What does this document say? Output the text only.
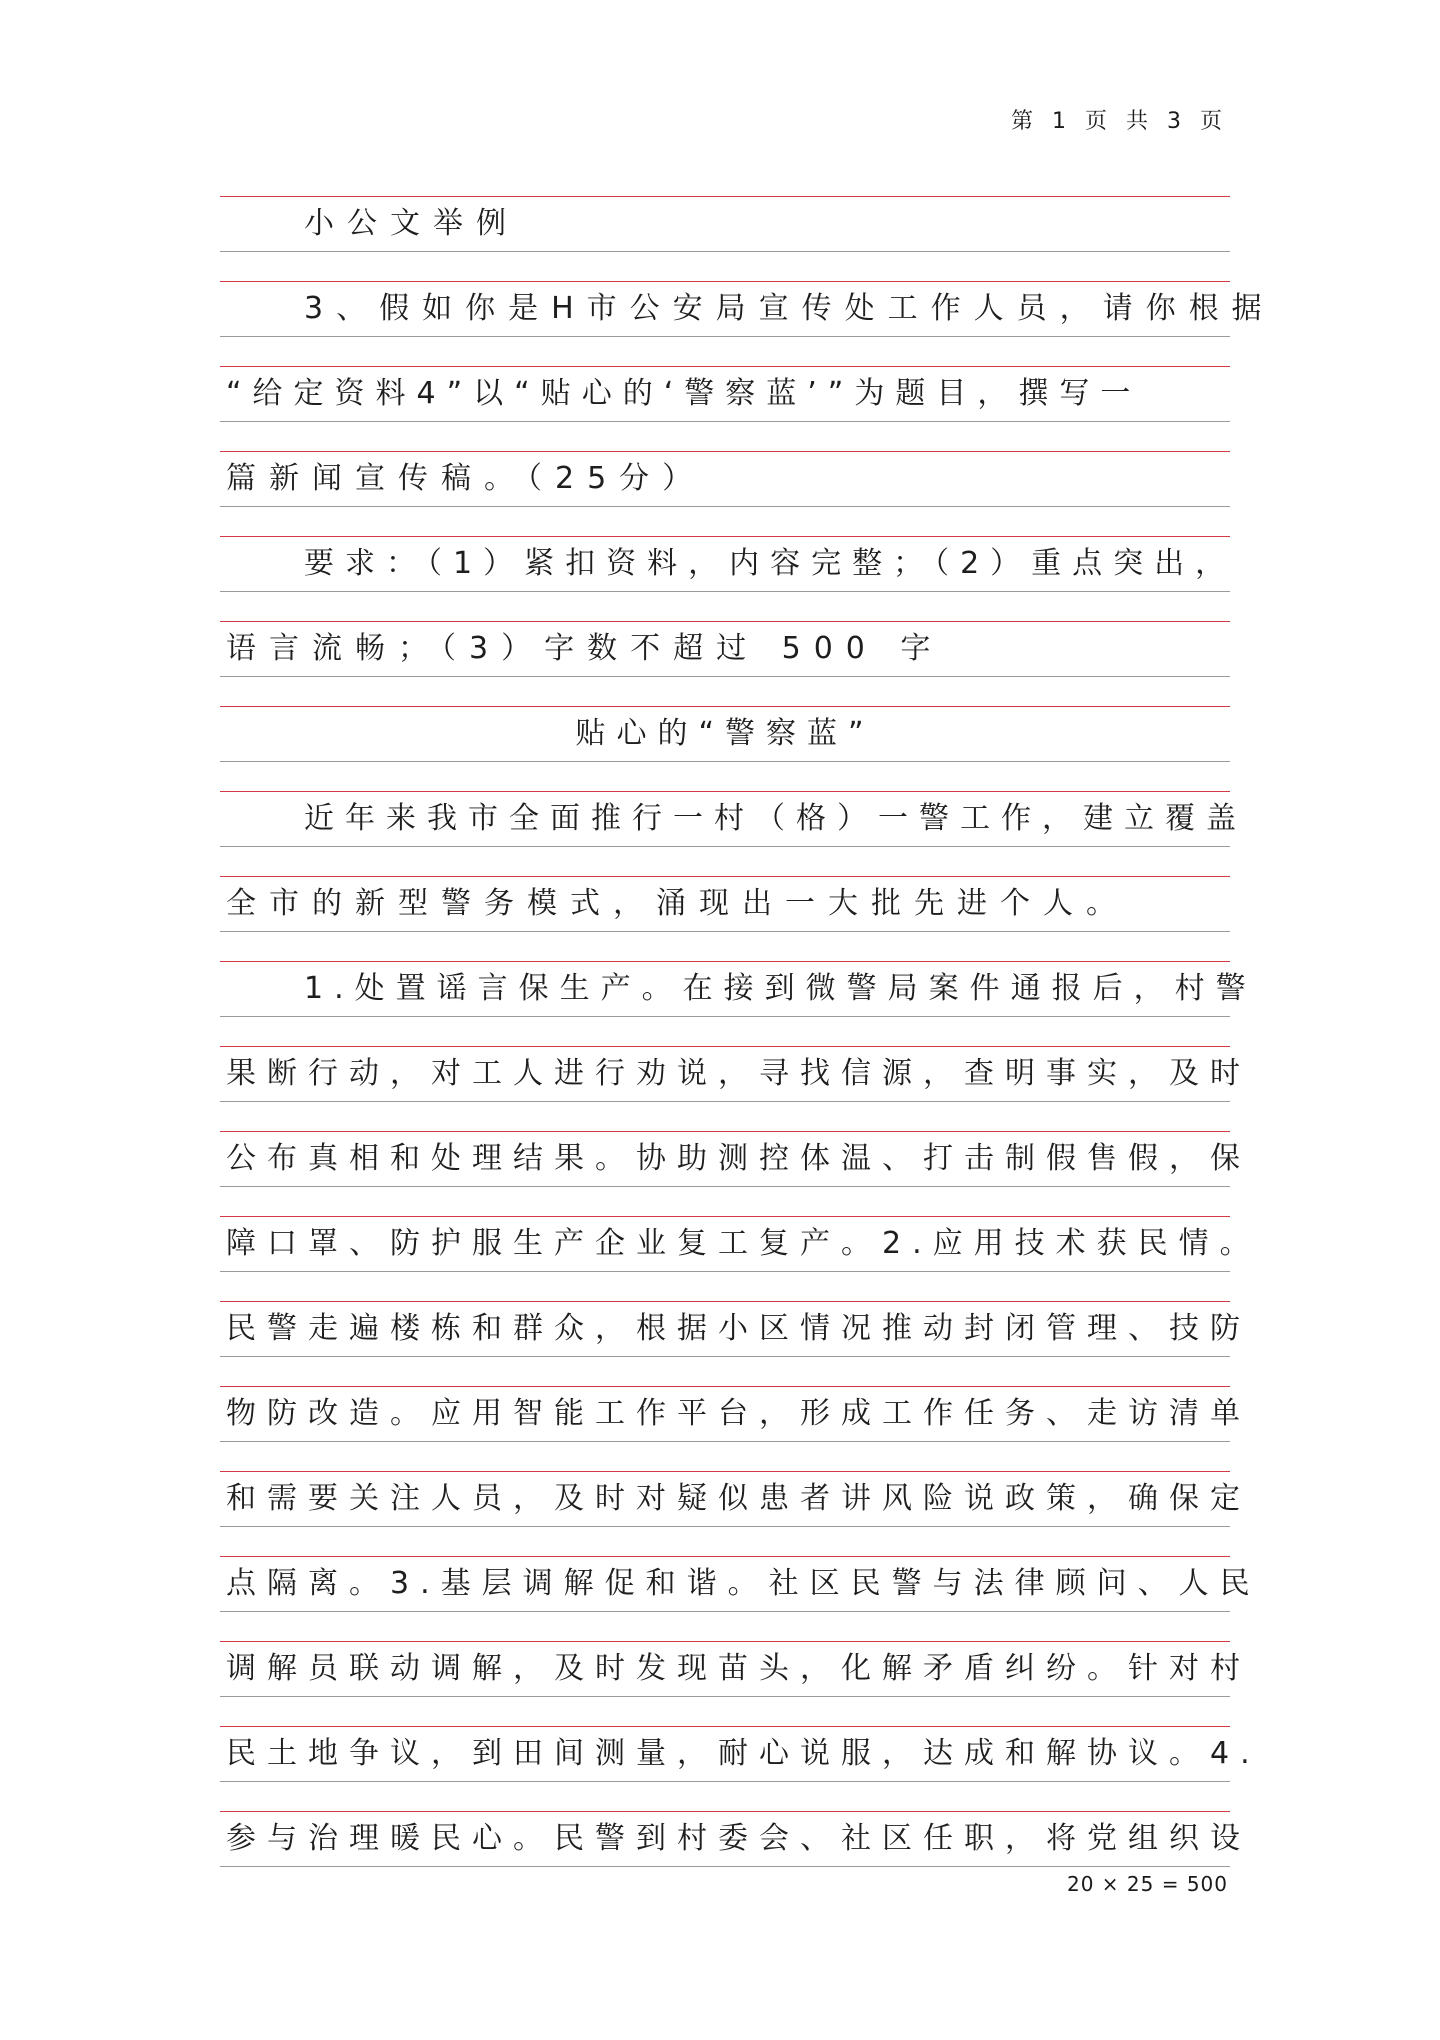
第 1 页 共 3 页
小公文举例
3、假如你是H市公安局宣传处工作人员，请你根据
“给定资料4”以“贴心的‘警察蓝’”为题目，撰写一
篇新闻宣传稿。（25分）
要求：（1）紧扣资料，内容完整；（2）重点突出，
语言流畅；（3）字数不超过 500 字
贴心的“警察蓝”
近年来我市全面推行一村（格）一警工作，建立覆盖
全市的新型警务模式，涌现出一大批先进个人。
1.处置谣言保生产。在接到微警局案件通报后，村警
果断行动，对工人进行劝说，寻找信源，查明事实，及时
公布真相和处理结果。协助测控体温、打击制假售假，保
障口罩、防护服生产企业复工复产。2.应用技术获民情。
民警走遍楼栋和群众，根据小区情况推动封闭管理、技防
物防改造。应用智能工作平台，形成工作任务、走访清单
和需要关注人员，及时对疑似患者讲风险说政策，确保定
点隔离。3.基层调解促和谐。社区民警与法律顾问、人民
调解员联动调解，及时发现苗头，化解矛盾纠纷。针对村
民土地争议，到田间测量，耐心说服，达成和解协议。4.
参与治理暖民心。民警到村委会、社区任职，将党组织设
20 × 25 = 500
